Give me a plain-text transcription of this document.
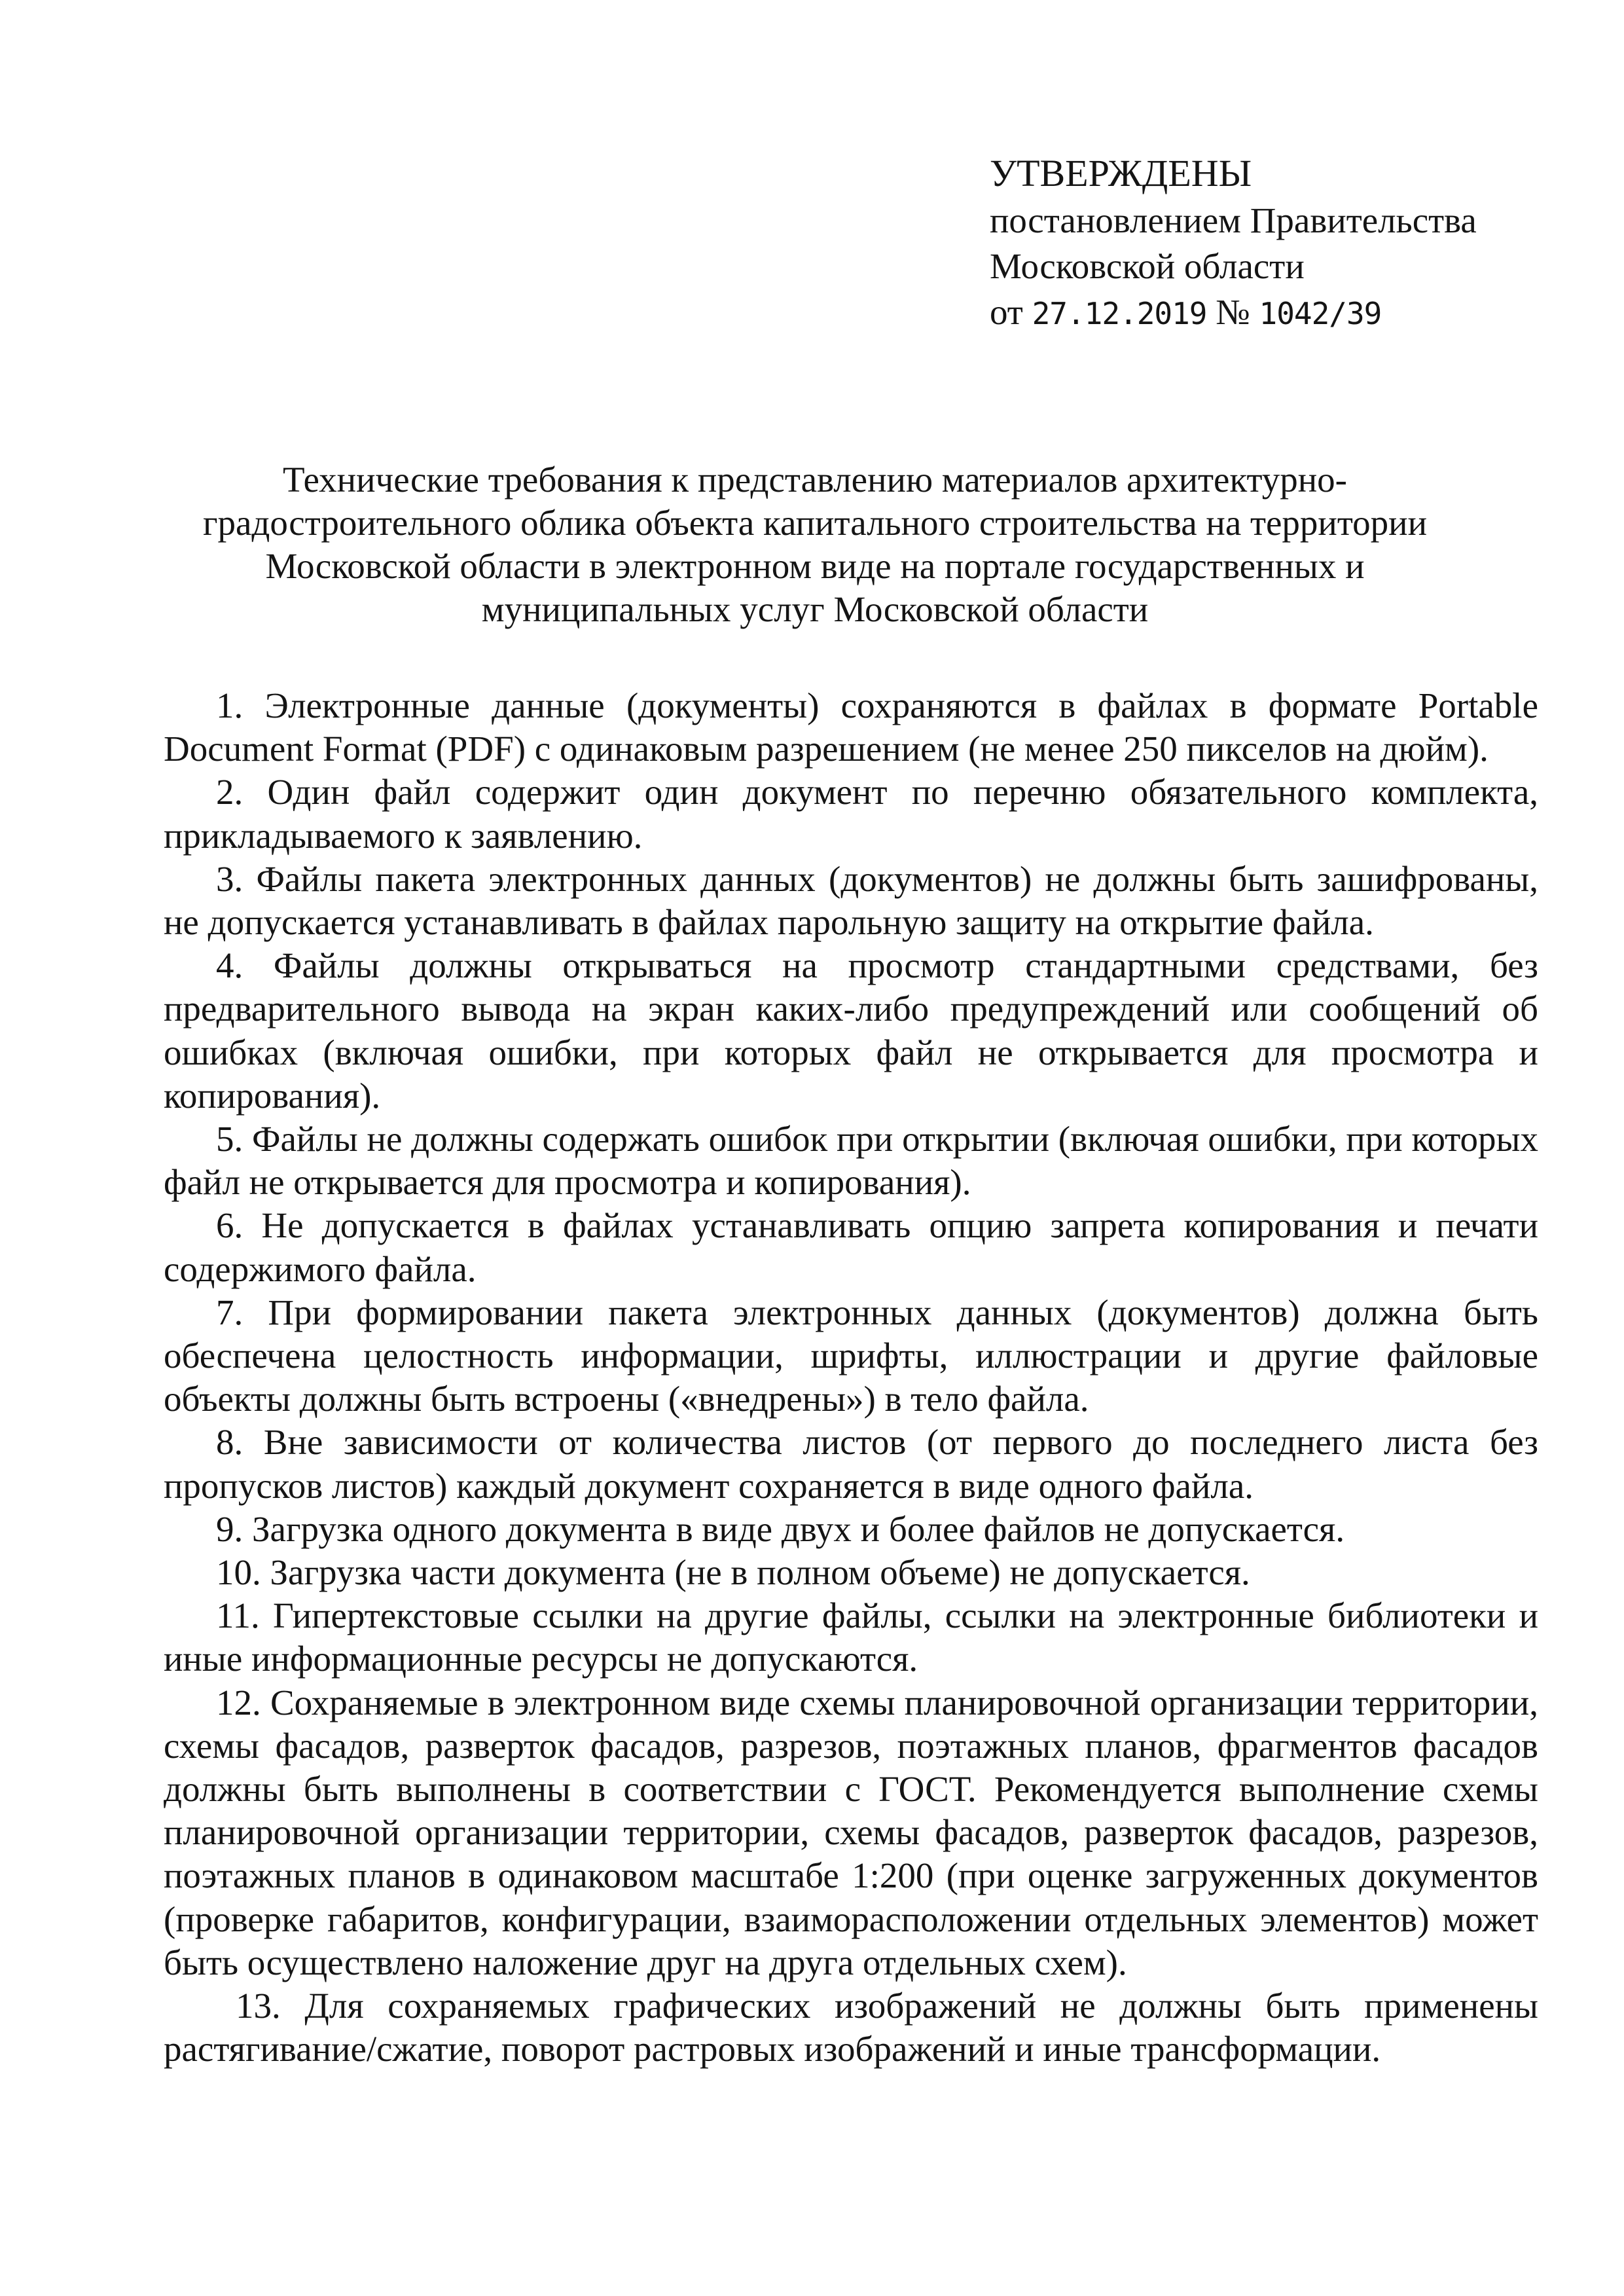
УТВЕРЖДЕНЫ
постановлением Правительства
Московской области
от 27.12.2019 № 1042/39
Технические требования к представлению материалов архитектурно-градостроительного облика объекта капитального строительства на территории Московской области в электронном виде на портале государственных и муниципальных услуг Московской области

1. Электронные данные (документы) сохраняются в файлах в формате Portable Document Format (PDF) с одинаковым разрешением (не менее 250 пикселов на дюйм).

2. Один файл содержит один документ по перечню обязательного комплекта, прикладываемого к заявлению.

3. Файлы пакета электронных данных (документов) не должны быть зашифрованы, не допускается устанавливать в файлах парольную защиту на открытие файла.

4. Файлы должны открываться на просмотр стандартными средствами, без предварительного вывода на экран каких-либо предупреждений или сообщений об ошибках (включая ошибки, при которых файл не открывается для просмотра и копирования).

5. Файлы не должны содержать ошибок при открытии (включая ошибки, при которых файл не открывается для просмотра и копирования).

6. Не допускается в файлах устанавливать опцию запрета копирования и печати содержимого файла.

7. При формировании пакета электронных данных (документов) должна быть обеспечена целостность информации, шрифты, иллюстрации и другие файловые объекты должны быть встроены («внедрены») в тело файла.

8. Вне зависимости от количества листов (от первого до последнего листа без пропусков листов) каждый документ сохраняется в виде одного файла.

9. Загрузка одного документа в виде двух и более файлов не допускается.

10. Загрузка части документа (не в полном объеме) не допускается.

11. Гипертекстовые ссылки на другие файлы, ссылки на электронные библиотеки и иные информационные ресурсы не допускаются.

12. Сохраняемые в электронном виде схемы планировочной организации территории, схемы фасадов, разверток фасадов, разрезов, поэтажных планов, фрагментов фасадов должны быть выполнены в соответствии с ГОСТ. Рекомендуется выполнение схемы планировочной организации территории, схемы фасадов, разверток фасадов, разрезов, поэтажных планов в одинаковом масштабе 1:200 (при оценке загруженных документов (проверке габаритов, конфигурации, взаиморасположении отдельных элементов) может быть осуществлено наложение друг на друга отдельных схем).

13. Для сохраняемых графических изображений не должны быть применены растягивание/сжатие, поворот растровых изображений и иные трансформации.
